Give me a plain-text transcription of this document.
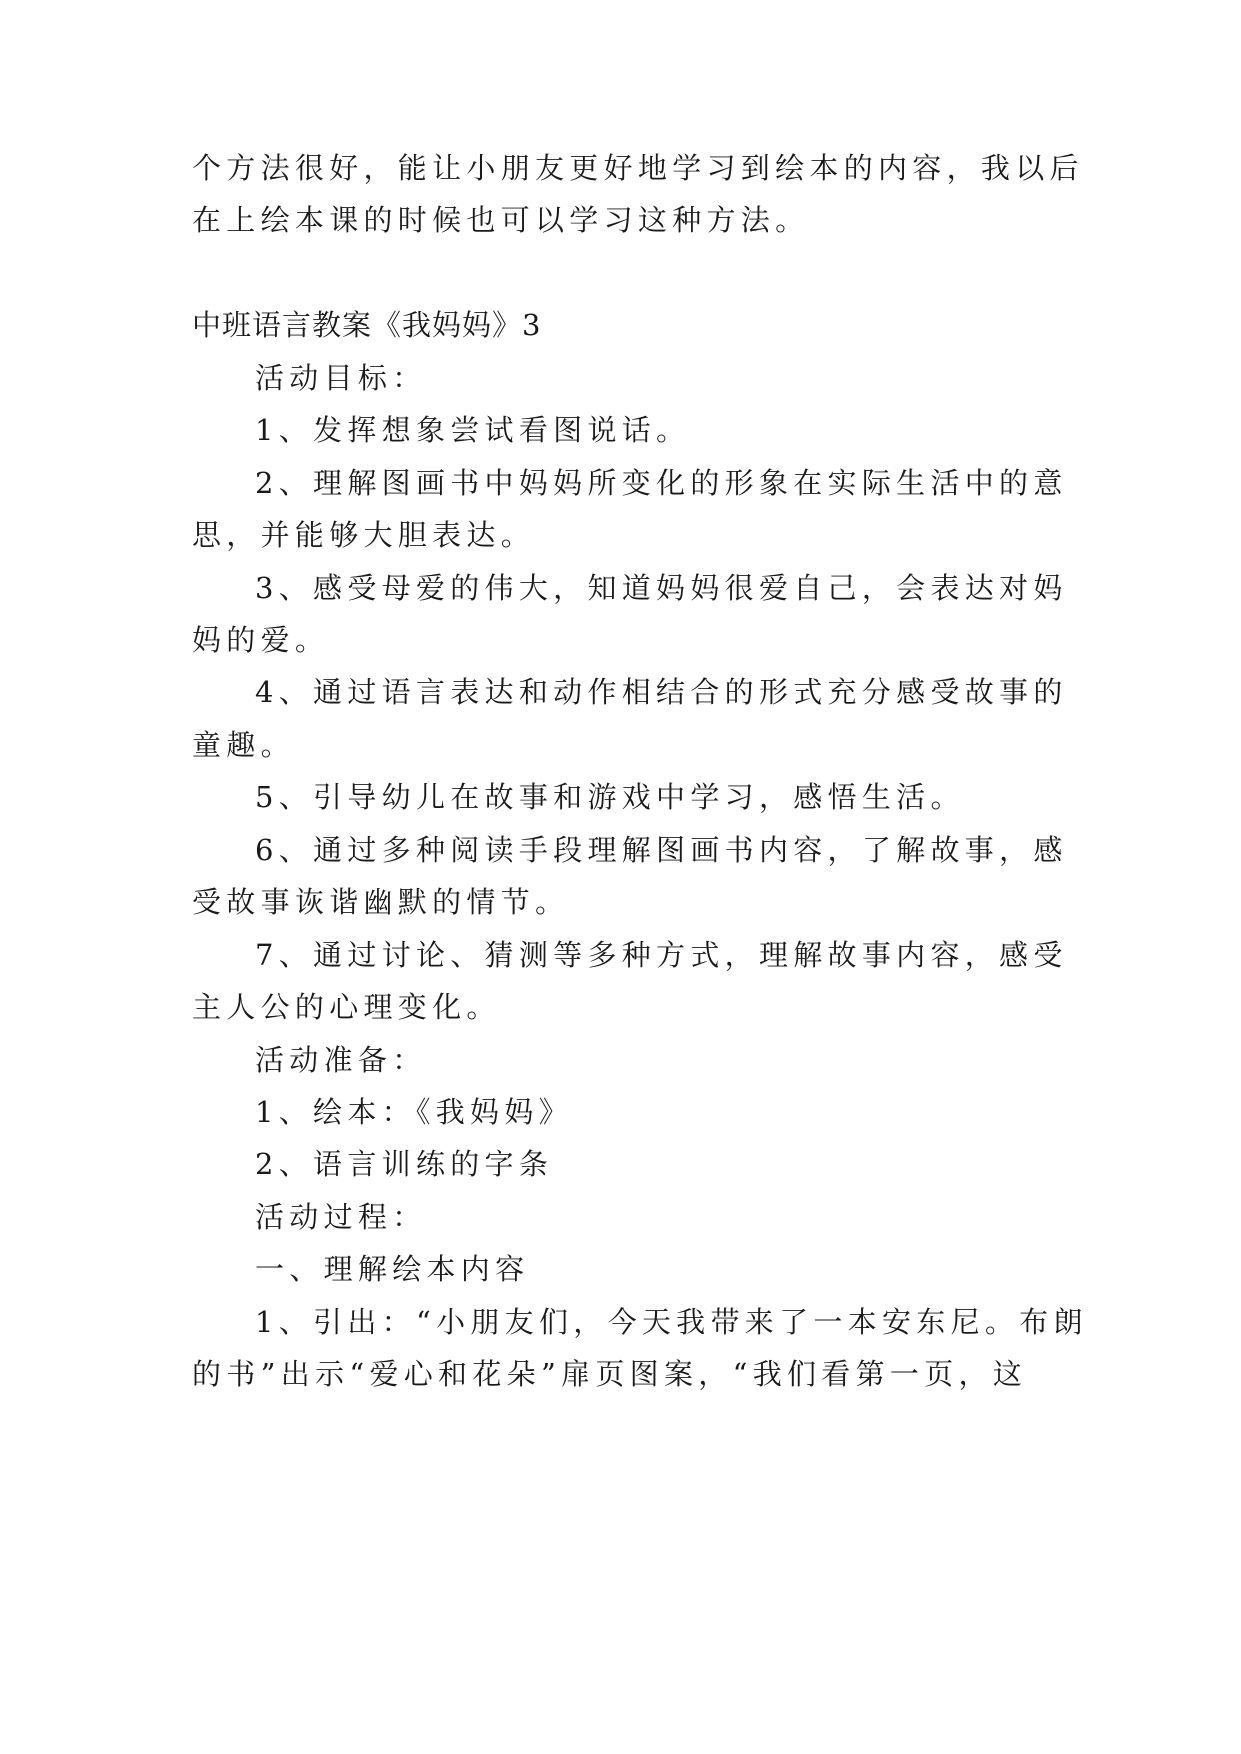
个方法很好，能让小朋友更好地学习到绘本的内容，我以后
在上绘本课的时候也可以学习这种方法。
中班语言教案《我妈妈》3
活动目标：
1、发挥想象尝试看图说话。
2、理解图画书中妈妈所变化的形象在实际生活中的意
思，并能够大胆表达。
3、感受母爱的伟大，知道妈妈很爱自己，会表达对妈
妈的爱。
4、通过语言表达和动作相结合的形式充分感受故事的
童趣。
5、引导幼儿在故事和游戏中学习，感悟生活。
6、通过多种阅读手段理解图画书内容，了解故事，感
受故事诙谐幽默的情节。
7、通过讨论、猜测等多种方式，理解故事内容，感受
主人公的心理变化。
活动准备：
1、绘本：《我妈妈》
2、语言训练的字条
活动过程：
一、理解绘本内容
1、引出：“小朋友们，今天我带来了一本安东尼。布朗
的书”出示“爱心和花朵”扉页图案，“我们看第一页，这
